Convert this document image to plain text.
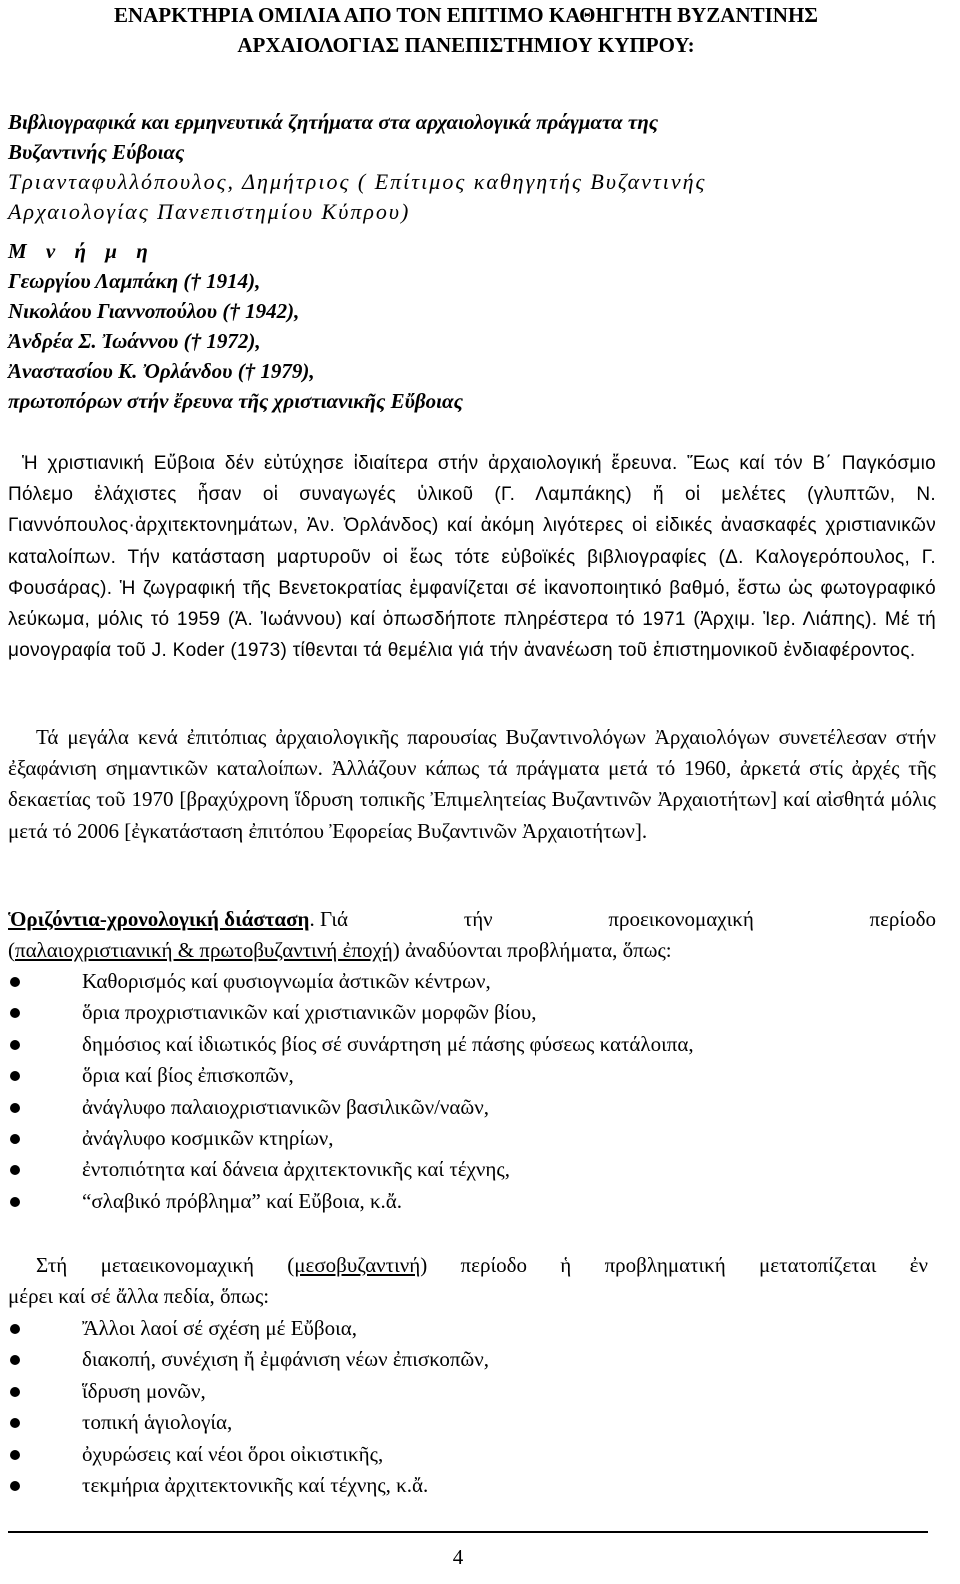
ΕΝΑΡΚΤΗΡΙΑ ΟΜΙΛΙΑ ΑΠΟ ΤΟΝ ΕΠΙΤΙΜΟ ΚΑΘΗΓΗΤΗ ΒΥΖΑΝΤΙΝΗΣ
ΑΡΧΑΙΟΛΟΓΙΑΣ ΠΑΝΕΠΙΣΤΗΜΙΟΥ ΚΥΠΡΟΥ:
Βιβλιογραφικά και ερμηνευτικά ζητήματα στα αρχαιολογικά πράγματα της
Βυζαντινής Εύβοιας
Τριανταφυλλόπουλος, Δημήτριος ( Επίτιμος καθηγητής Βυζαντινής
Αρχαιολογίας Πανεπιστημίου Κύπρου)
Μ ν ή μ η
Γεωργίου Λαμπάκη († 1914),
Νικολάου Γιαννοπούλου († 1942),
Ἀνδρέα Σ. Ἰωάννου († 1972),
Ἀναστασίου Κ. Ὀρλάνδου († 1979),
πρωτοπόρων στήν ἔρευνα τῆς χριστιανικῆς Εὔβοιας
Ἡ χριστιανική Εὔβοια δέν εὐτύχησε ἰδιαίτερα στήν ἀρχαιολογική ἔρευνα. Ἕως καί τόν Β΄ Παγκόσμιο Πόλεμο ἐλάχιστες ἦσαν οἱ συναγωγές ὑλικοῦ (Γ. Λαμπάκης) ἤ οἱ μελέτες (γλυπτῶν, Ν. Γιαννόπουλος·ἀρχιτεκτονημάτων, Ἀν. Ὀρλάνδος) καί ἀκόμη λιγότερες οἱ εἰδικές ἀνασκαφές χριστιανικῶν καταλοίπων. Τήν κατάσταση μαρτυροῦν οἱ ἕως τότε εὐβοϊκές βιβλιογραφίες (Δ. Καλογερόπουλος, Γ. Φουσάρας). Ἡ ζωγραφική τῆς Βενετοκρατίας ἐμφανίζεται σέ ἱκανοποιητικό βαθμό, ἔστω ὡς φωτογραφικό λεύκωμα, μόλις τό 1959 (Ἀ. Ἰωάννου) καί ὁπωσδήποτε πληρέστερα τό 1971 (Ἀρχιμ. Ἱερ. Λιάπης). Μέ τή μονογραφία τοῦ J. Koder (1973) τίθενται τά θεμέλια γιά τήν ἀνανέωση τοῦ ἐπιστημονικοῦ ἐνδιαφέροντος.
Τά μεγάλα κενά ἐπιτόπιας ἀρχαιολογικῆς παρουσίας Βυζαντινολόγων Ἀρχαιολόγων συνετέλεσαν στήν ἐξαφάνιση σημαντικῶν καταλοίπων. Ἀλλάζουν κάπως τά πράγματα μετά τό 1960, ἀρκετά στίς ἀρχές τῆς δεκαετίας τοῦ 1970 [βραχύχρονη ἵδρυση τοπικῆς Ἐπιμελητείας Βυζαντινῶν Ἀρχαιοτήτων] καί αἰσθητά μόλις μετά τό 2006 [ἐγκατάσταση ἐπιτόπου Ἐφορείας Βυζαντινῶν Ἀρχαιοτήτων].
Ὁριζόντια-χρονολογική διάσταση. Γιά	τήν	προεικονομαχική	περίοδο
(παλαιοχριστιανική & πρωτοβυζαντινή ἐποχή) ἀναδύονται προβλήματα, ὅπως:
Καθορισμός καί φυσιογνωμία ἀστικῶν κέντρων,
ὅρια προχριστιανικῶν καί χριστιανικῶν μορφῶν βίου,
δημόσιος καί ἰδιωτικός βίος σέ συνάρτηση μέ πάσης φύσεως κατάλοιπα,
ὅρια καί βίος ἐπισκοπῶν,
ἀνάγλυφο παλαιοχριστιανικῶν βασιλικῶν/ναῶν,
ἀνάγλυφο κοσμικῶν κτηρίων,
ἐντοπιότητα καί δάνεια ἀρχιτεκτονικῆς καί τέχνης,
“σλαβικό πρόβλημα” καί Εὔβοια, κ.ἄ.
Στή μεταεικονομαχική (μεσοβυζαντινή) περίοδο ἡ προβληματική μετατοπίζεται ἐν
μέρει καί σέ ἄλλα πεδία, ὅπως:
Ἄλλοι λαοί σέ σχέση μέ Εὔβοια,
διακοπή, συνέχιση ἤ ἐμφάνιση νέων ἐπισκοπῶν,
ἵδρυση μονῶν,
τοπική ἁγιολογία,
ὀχυρώσεις καί νέοι ὅροι οἰκιστικῆς,
τεκμήρια ἀρχιτεκτονικῆς καί τέχνης, κ.ἄ.
4
